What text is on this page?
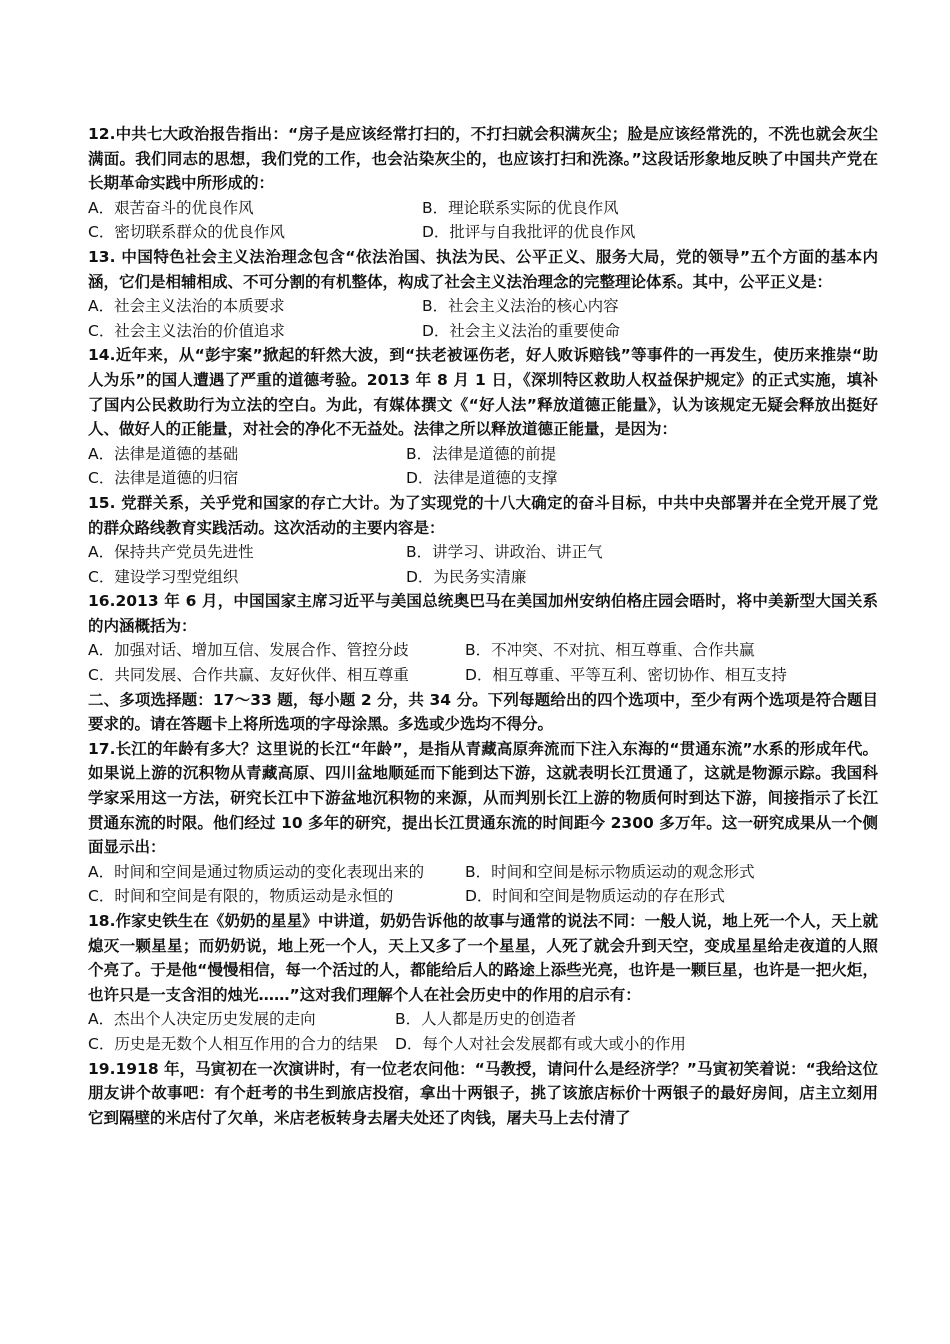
12.中共七大政治报告指出：“房子是应该经常打扫的，不打扫就会积满灰尘；脸是应该经常洗的，不洗也就会灰尘满面。我们同志的思想，我们党的工作，也会沾染灰尘的，也应该打扫和洗涤。”这段话形象地反映了中国共产党在长期革命实践中所形成的：

A．艰苦奋斗的优良作风	B．理论联系实际的优良作风
C．密切联系群众的优良作风	D．批评与自我批评的优良作风

13. 中国特色社会主义法治理念包含“依法治国、执法为民、公平正义、服务大局，党的领导”五个方面的基本内涵，它们是相辅相成、不可分割的有机整体，构成了社会主义法治理念的完整理论体系。其中，公平正义是：

A．社会主义法治的本质要求	B．社会主义法治的核心内容
C．社会主义法治的价值追求	D．社会主义法治的重要使命

14.近年来，从“彭宇案”掀起的轩然大波，到“扶老被诬伤老，好人败诉赔钱”等事件的一再发生，使历来推崇“助人为乐”的国人遭遇了严重的道德考验。2013 年 8 月 1 日，《深圳特区救助人权益保护规定》的正式实施，填补了国内公民救助行为立法的空白。为此，有媒体撰文《“好人法”释放道德正能量》，认为该规定无疑会释放出挺好人、做好人的正能量，对社会的净化不无益处。法律之所以释放道德正能量，是因为：

A．法律是道德的基础	B．法律是道德的前提
C．法律是道德的归宿	D．法律是道德的支撑

15. 党群关系，关乎党和国家的存亡大计。为了实现党的十八大确定的奋斗目标，中共中央部署并在全党开展了党的群众路线教育实践活动。这次活动的主要内容是：

A．保持共产党员先进性	B．讲学习、讲政治、讲正气
C．建设学习型党组织	D．为民务实清廉

16.2013 年 6 月，中国国家主席习近平与美国总统奥巴马在美国加州安纳伯格庄园会晤时，将中美新型大国关系的内涵概括为：

A．加强对话、增加互信、发展合作、管控分歧	B．不冲突、不对抗、相互尊重、合作共赢
C．共同发展、合作共赢、友好伙伴、相互尊重	D．相互尊重、平等互利、密切协作、相互支持

二、多项选择题：17～33 题，每小题 2 分，共 34 分。下列每题给出的四个选项中，至少有两个选项是符合题目要求的。请在答题卡上将所选项的字母涂黑。多选或少选均不得分。

17.长江的年龄有多大？这里说的长江“年龄”，是指从青藏高原奔流而下注入东海的“贯通东流”水系的形成年代。如果说上游的沉积物从青藏高原、四川盆地顺延而下能到达下游，这就表明长江贯通了，这就是物源示踪。我国科学家采用这一方法，研究长江中下游盆地沉积物的来源，从而判别长江上游的物质何时到达下游，间接指示了长江贯通东流的时限。他们经过 10 多年的研究，提出长江贯通东流的时间距今 2300 多万年。这一研究成果从一个侧面显示出：

A．时间和空间是通过物质运动的变化表现出来的	B．时间和空间是标示物质运动的观念形式
C．时间和空间是有限的，物质运动是永恒的	D．时间和空间是物质运动的存在形式

18.作家史铁生在《奶奶的星星》中讲道，奶奶告诉他的故事与通常的说法不同：一般人说，地上死一个人，天上就熄灭一颗星星；而奶奶说，地上死一个人，天上又多了一个星星，人死了就会升到天空，变成星星给走夜道的人照个亮了。于是他“慢慢相信，每一个活过的人，都能给后人的路途上添些光亮，也许是一颗巨星，也许是一把火炬，也许只是一支含泪的烛光……”这对我们理解个人在社会历史中的作用的启示有：

A．杰出个人决定历史发展的走向	B．人人都是历史的创造者
C．历史是无数个人相互作用的合力的结果	D．每个人对社会发展都有或大或小的作用

19.1918 年，马寅初在一次演讲时，有一位老农问他：“马教授，请问什么是经济学？”马寅初笑着说：“我给这位朋友讲个故事吧：有个赶考的书生到旅店投宿，拿出十两银子，挑了该旅店标价十两银子的最好房间，店主立刻用它到隔壁的米店付了欠单，米店老板转身去屠夫处还了肉钱，屠夫马上去付清了
